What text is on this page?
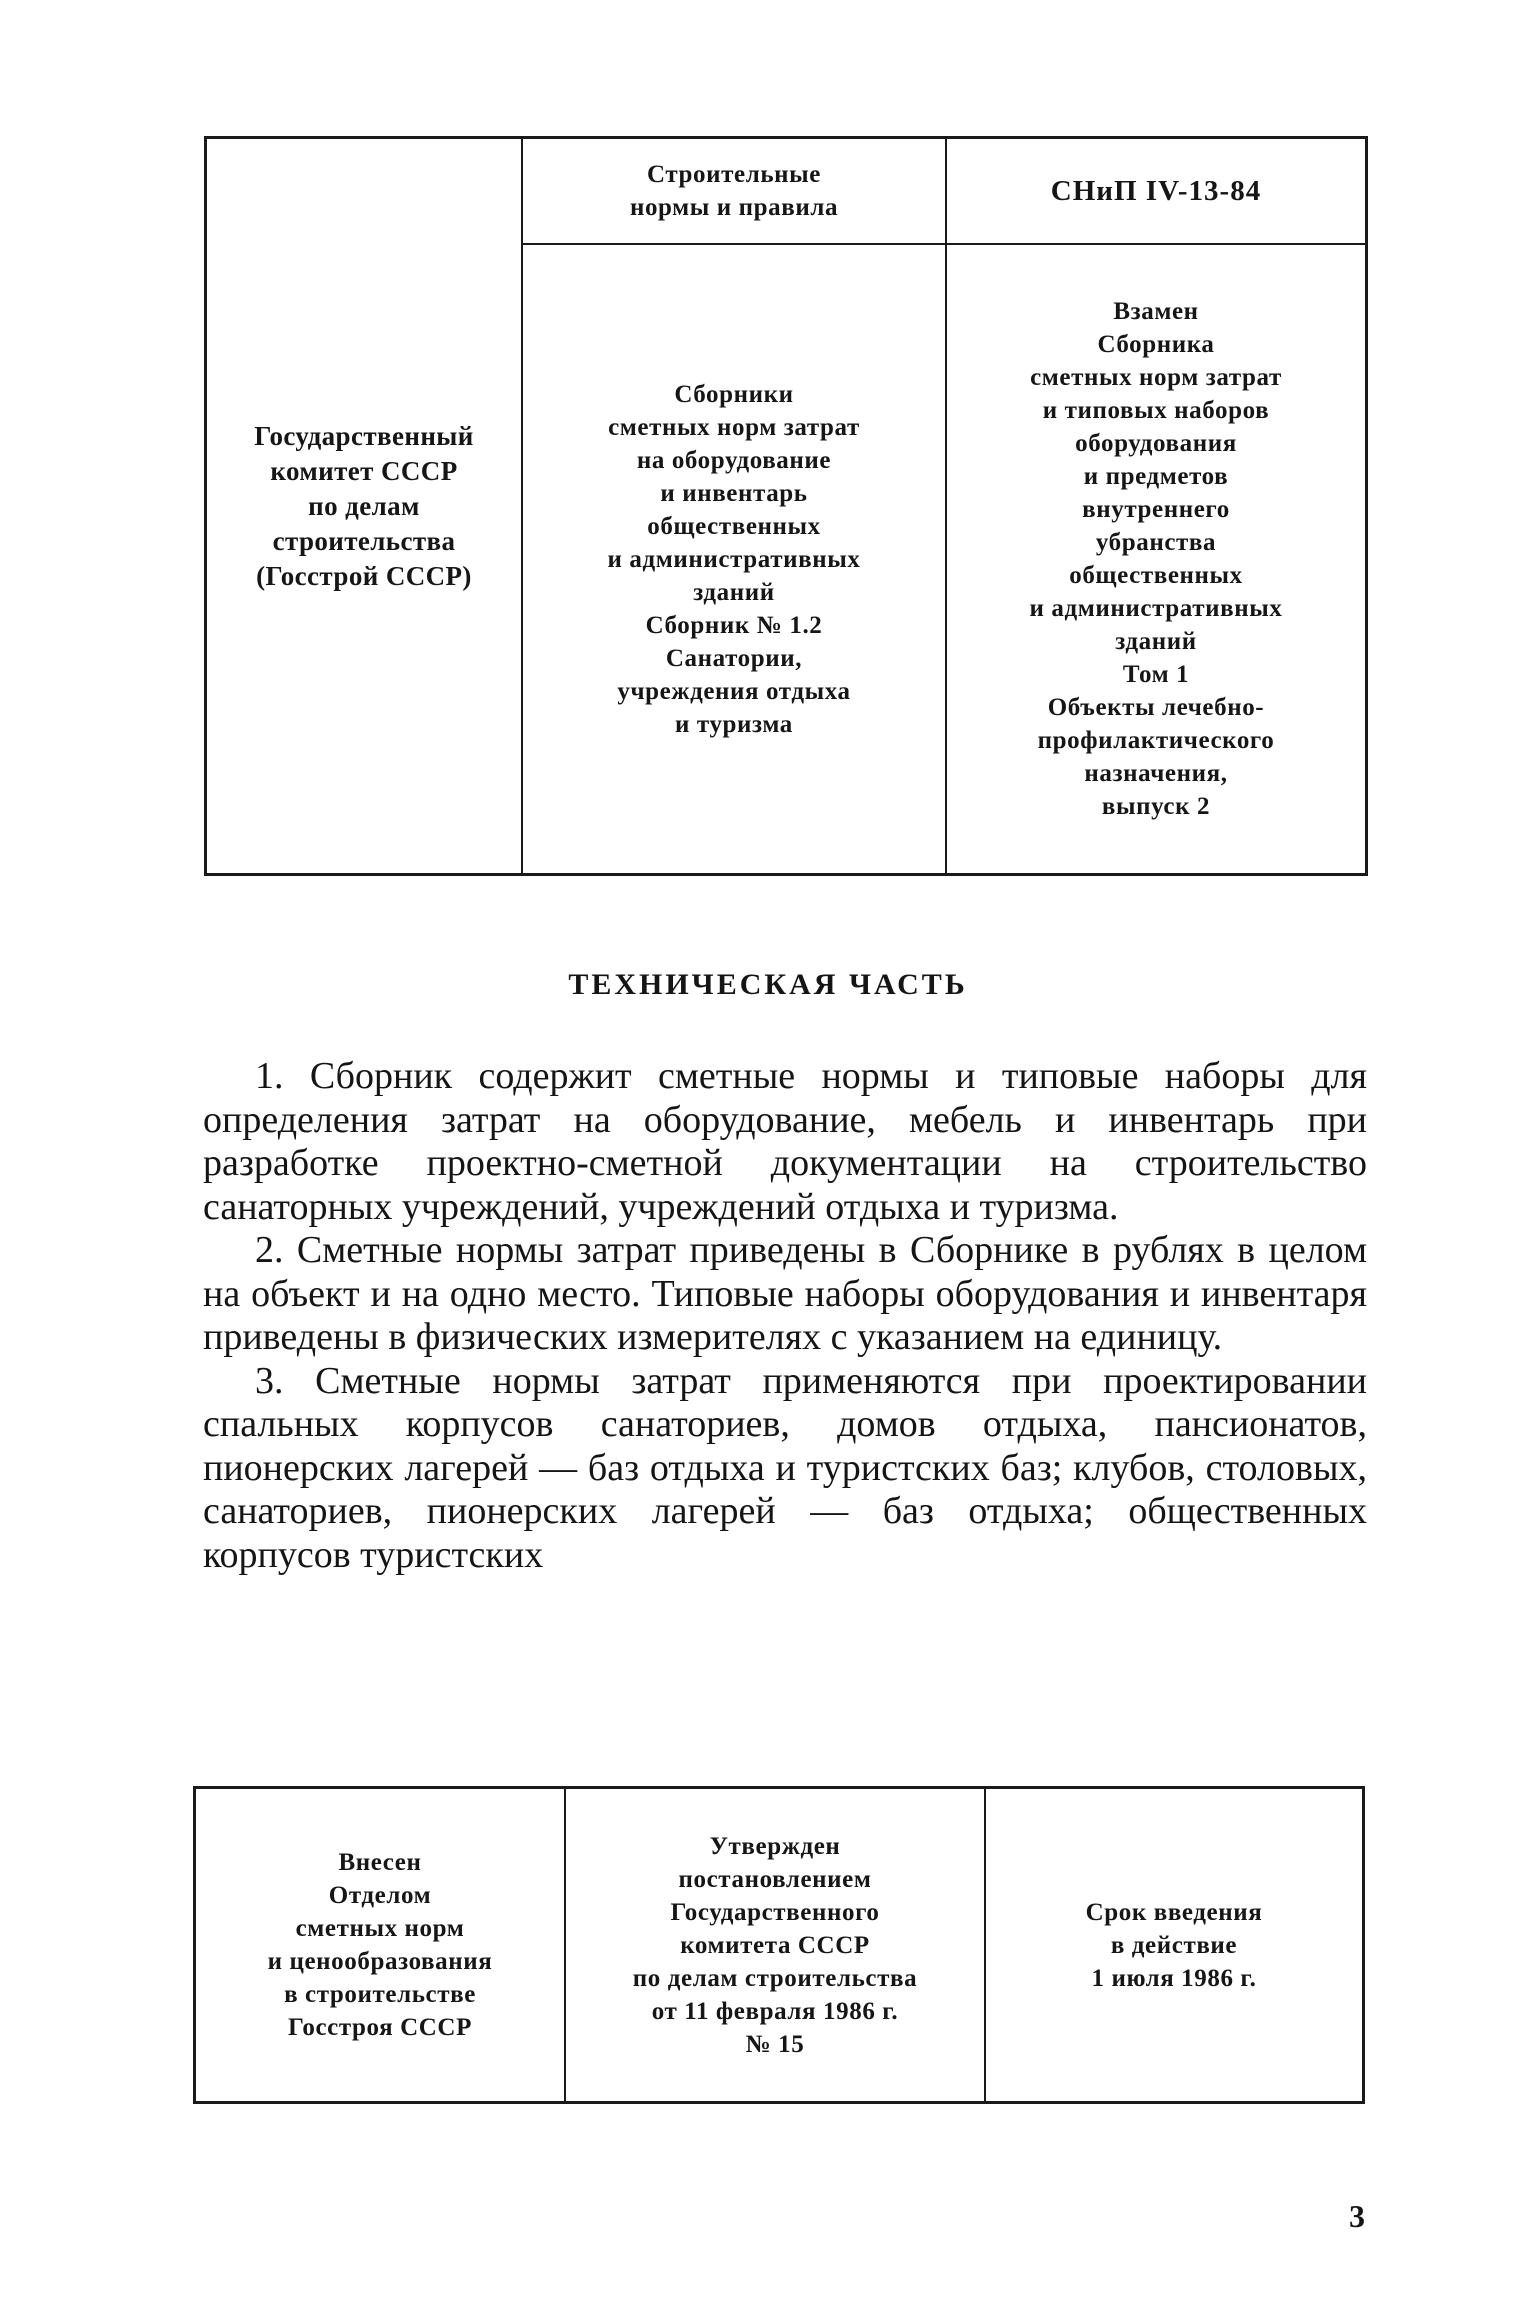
Государственный
комитет СССР
по делам
строительства
(Госстрой СССР)
Строительные
нормы и правила
СНиП IV-13-84
Сборники
сметных норм затрат
на оборудование
и инвентарь
общественных
и административных
зданий
Сборник № 1.2
Санатории,
учреждения отдыха
и туризма
Взамен
Сборника
сметных норм затрат
и типовых наборов
оборудования
и предметов
внутреннего
убранства
общественных
и административных
зданий
Том 1
Объекты лечебно-
профилактического
назначения,
выпуск 2
ТЕХНИЧЕСКАЯ ЧАСТЬ

1. Сборник содержит сметные нормы и типовые наборы для определения затрат на оборудование, мебель и инвентарь при разработке проектно-сметной документации на строительство санаторных учреждений, учреждений отдыха и туризма.

2. Сметные нормы затрат приведены в Сборнике в рублях в целом на объект и на одно место. Типовые наборы оборудования и инвентаря приведены в физических измерителях с указанием на единицу.

3. Сметные нормы затрат применяются при проектировании спальных корпусов санаториев, домов отдыха, пансионатов, пионерских лагерей — баз отдыха и туристских баз; клубов, столовых, санаториев, пионерских лагерей — баз отдыха; общественных корпусов туристских

Внесен
Отделом
сметных норм
и ценообразования
в строительстве
Госстроя СССР
Утвержден
постановлением
Государственного
комитета СССР
по делам строительства
от 11 февраля 1986 г.
№ 15
Срок введения
в действие
1 июля 1986 г.
3
